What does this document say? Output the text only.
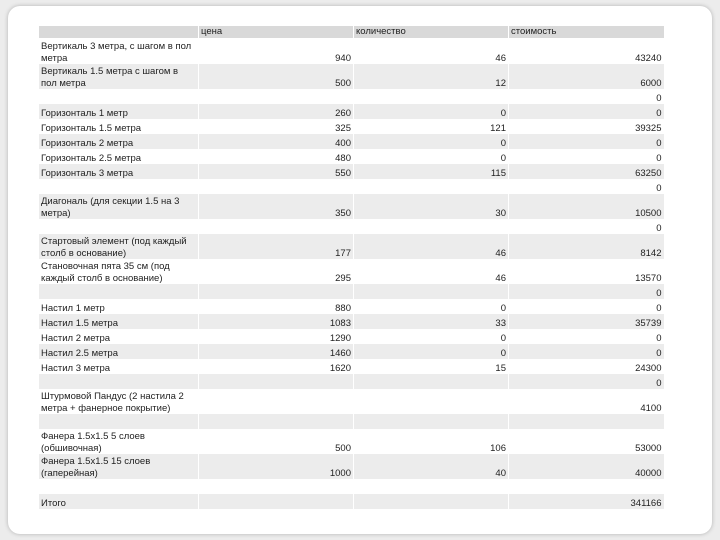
	цена	количество	стоимость
Вертикаль 3 метра, с шагом в пол метра	940	46	43240
Вертикаль 1.5 метра с шагом в пол метра	500	12	6000
			0
Горизонталь 1 метр	260	0	0
Горизонталь 1.5 метра	325	121	39325
Горизонталь 2 метра	400	0	0
Горизонталь 2.5 метра	480	0	0
Горизонталь 3 метра	550	115	63250
			0
Диагональ (для секции 1.5 на 3 метра)	350	30	10500
			0
Стартовый элемент (под каждый столб в основание)	177	46	8142
Становочная пята 35 см (под каждый столб в основание)	295	46	13570
			0
Настил 1 метр	880	0	0
Настил 1.5 метра	1083	33	35739
Настил 2 метра	1290	0	0
Настил 2.5 метра	1460	0	0
Настил 3 метра	1620	15	24300
			0
Штурмовой Пандус (2 настила 2 метра + фанерное покрытие)			4100

Фанера 1.5х1.5 5 слоев (обшивочная)	500	106	53000
Фанера 1.5х1.5 15 слоев (гаперейная)	1000	40	40000

Итого			341166
